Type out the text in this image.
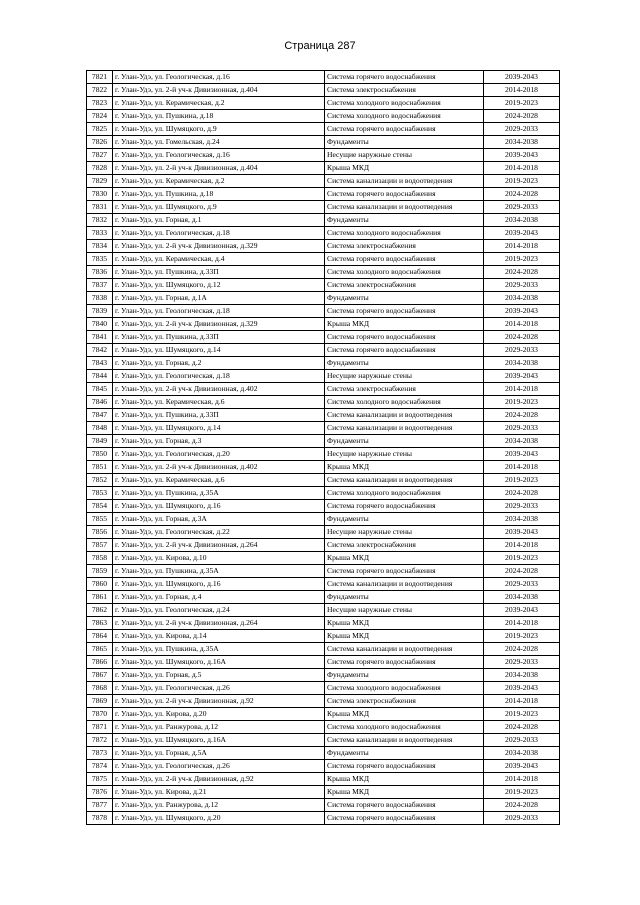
Страница 287
7821	г. Улан-Удэ, ул. Геологическая, д.16	Система горячего водоснабжения	2039-2043
7822	г. Улан-Удэ, ул. 2-й уч-к Дивизионная, д.404	Система электроснабжения	2014-2018
7823	г. Улан-Удэ, ул. Керамическая, д.2	Система холодного водоснабжения	2019-2023
7824	г. Улан-Удэ, ул. Пушкина, д.18	Система холодного водоснабжения	2024-2028
7825	г. Улан-Удэ, ул. Шумяцкого, д.9	Система горячего водоснабжения	2029-2033
7826	г. Улан-Удэ, ул. Гомельская, д.24	Фундаменты	2034-2038
7827	г. Улан-Удэ, ул. Геологическая, д.16	Несущие наружные стены	2039-2043
7828	г. Улан-Удэ, ул. 2-й уч-к Дивизионная, д.404	Крыша МКД	2014-2018
7829	г. Улан-Удэ, ул. Керамическая, д.2	Система канализации и водоотведения	2019-2023
7830	г. Улан-Удэ, ул. Пушкина, д.18	Система горячего водоснабжения	2024-2028
7831	г. Улан-Удэ, ул. Шумяцкого, д.9	Система канализации и водоотведения	2029-2033
7832	г. Улан-Удэ, ул. Горная, д.1	Фундаменты	2034-2038
7833	г. Улан-Удэ, ул. Геологическая, д.18	Система холодного водоснабжения	2039-2043
7834	г. Улан-Удэ, ул. 2-й уч-к Дивизионная, д.329	Система электроснабжения	2014-2018
7835	г. Улан-Удэ, ул. Керамическая, д.4	Система горячего водоснабжения	2019-2023
7836	г. Улан-Удэ, ул. Пушкина, д.33П	Система холодного водоснабжения	2024-2028
7837	г. Улан-Удэ, ул. Шумяцкого, д.12	Система электроснабжения	2029-2033
7838	г. Улан-Удэ, ул. Горная, д.1А	Фундаменты	2034-2038
7839	г. Улан-Удэ, ул. Геологическая, д.18	Система горячего водоснабжения	2039-2043
7840	г. Улан-Удэ, ул. 2-й уч-к Дивизионная, д.329	Крыша МКД	2014-2018
7841	г. Улан-Удэ, ул. Пушкина, д.33П	Система горячего водоснабжения	2024-2028
7842	г. Улан-Удэ, ул. Шумяцкого, д.14	Система горячего водоснабжения	2029-2033
7843	г. Улан-Удэ, ул. Горная, д.2	Фундаменты	2034-2038
7844	г. Улан-Удэ, ул. Геологическая, д.18	Несущие наружные стены	2039-2043
7845	г. Улан-Удэ, ул. 2-й уч-к Дивизионная, д.402	Система электроснабжения	2014-2018
7846	г. Улан-Удэ, ул. Керамическая, д.6	Система холодного водоснабжения	2019-2023
7847	г. Улан-Удэ, ул. Пушкина, д.33П	Система канализации и водоотведения	2024-2028
7848	г. Улан-Удэ, ул. Шумяцкого, д.14	Система канализации и водоотведения	2029-2033
7849	г. Улан-Удэ, ул. Горная, д.3	Фундаменты	2034-2038
7850	г. Улан-Удэ, ул. Геологическая, д.20	Несущие наружные стены	2039-2043
7851	г. Улан-Удэ, ул. 2-й уч-к Дивизионная, д.402	Крыша МКД	2014-2018
7852	г. Улан-Удэ, ул. Керамическая, д.6	Система канализации и водоотведения	2019-2023
7853	г. Улан-Удэ, ул. Пушкина, д.35А	Система холодного водоснабжения	2024-2028
7854	г. Улан-Удэ, ул. Шумяцкого, д.16	Система горячего водоснабжения	2029-2033
7855	г. Улан-Удэ, ул. Горная, д.3А	Фундаменты	2034-2038
7856	г. Улан-Удэ, ул. Геологическая, д.22	Несущие наружные стены	2039-2043
7857	г. Улан-Удэ, ул. 2-й уч-к Дивизионная, д.264	Система электроснабжения	2014-2018
7858	г. Улан-Удэ, ул. Кирова, д.10	Крыша МКД	2019-2023
7859	г. Улан-Удэ, ул. Пушкина, д.35А	Система горячего водоснабжения	2024-2028
7860	г. Улан-Удэ, ул. Шумяцкого, д.16	Система канализации и водоотведения	2029-2033
7861	г. Улан-Удэ, ул. Горная, д.4	Фундаменты	2034-2038
7862	г. Улан-Удэ, ул. Геологическая, д.24	Несущие наружные стены	2039-2043
7863	г. Улан-Удэ, ул. 2-й уч-к Дивизионная, д.264	Крыша МКД	2014-2018
7864	г. Улан-Удэ, ул. Кирова, д.14	Крыша МКД	2019-2023
7865	г. Улан-Удэ, ул. Пушкина, д.35А	Система канализации и водоотведения	2024-2028
7866	г. Улан-Удэ, ул. Шумяцкого, д.16А	Система горячего водоснабжения	2029-2033
7867	г. Улан-Удэ, ул. Горная, д.5	Фундаменты	2034-2038
7868	г. Улан-Удэ, ул. Геологическая, д.26	Система холодного водоснабжения	2039-2043
7869	г. Улан-Удэ, ул. 2-й уч-к Дивизионная, д.92	Система электроснабжения	2014-2018
7870	г. Улан-Удэ, ул. Кирова, д.20	Крыша МКД	2019-2023
7871	г. Улан-Удэ, ул. Ранжурова, д.12	Система холодного водоснабжения	2024-2028
7872	г. Улан-Удэ, ул. Шумяцкого, д.16А	Система канализации и водоотведения	2029-2033
7873	г. Улан-Удэ, ул. Горная, д.5А	Фундаменты	2034-2038
7874	г. Улан-Удэ, ул. Геологическая, д.26	Система горячего водоснабжения	2039-2043
7875	г. Улан-Удэ, ул. 2-й уч-к Дивизионная, д.92	Крыша МКД	2014-2018
7876	г. Улан-Удэ, ул. Кирова, д.21	Крыша МКД	2019-2023
7877	г. Улан-Удэ, ул. Ранжурова, д.12	Система горячего водоснабжения	2024-2028
7878	г. Улан-Удэ, ул. Шумяцкого, д.20	Система горячего водоснабжения	2029-2033
